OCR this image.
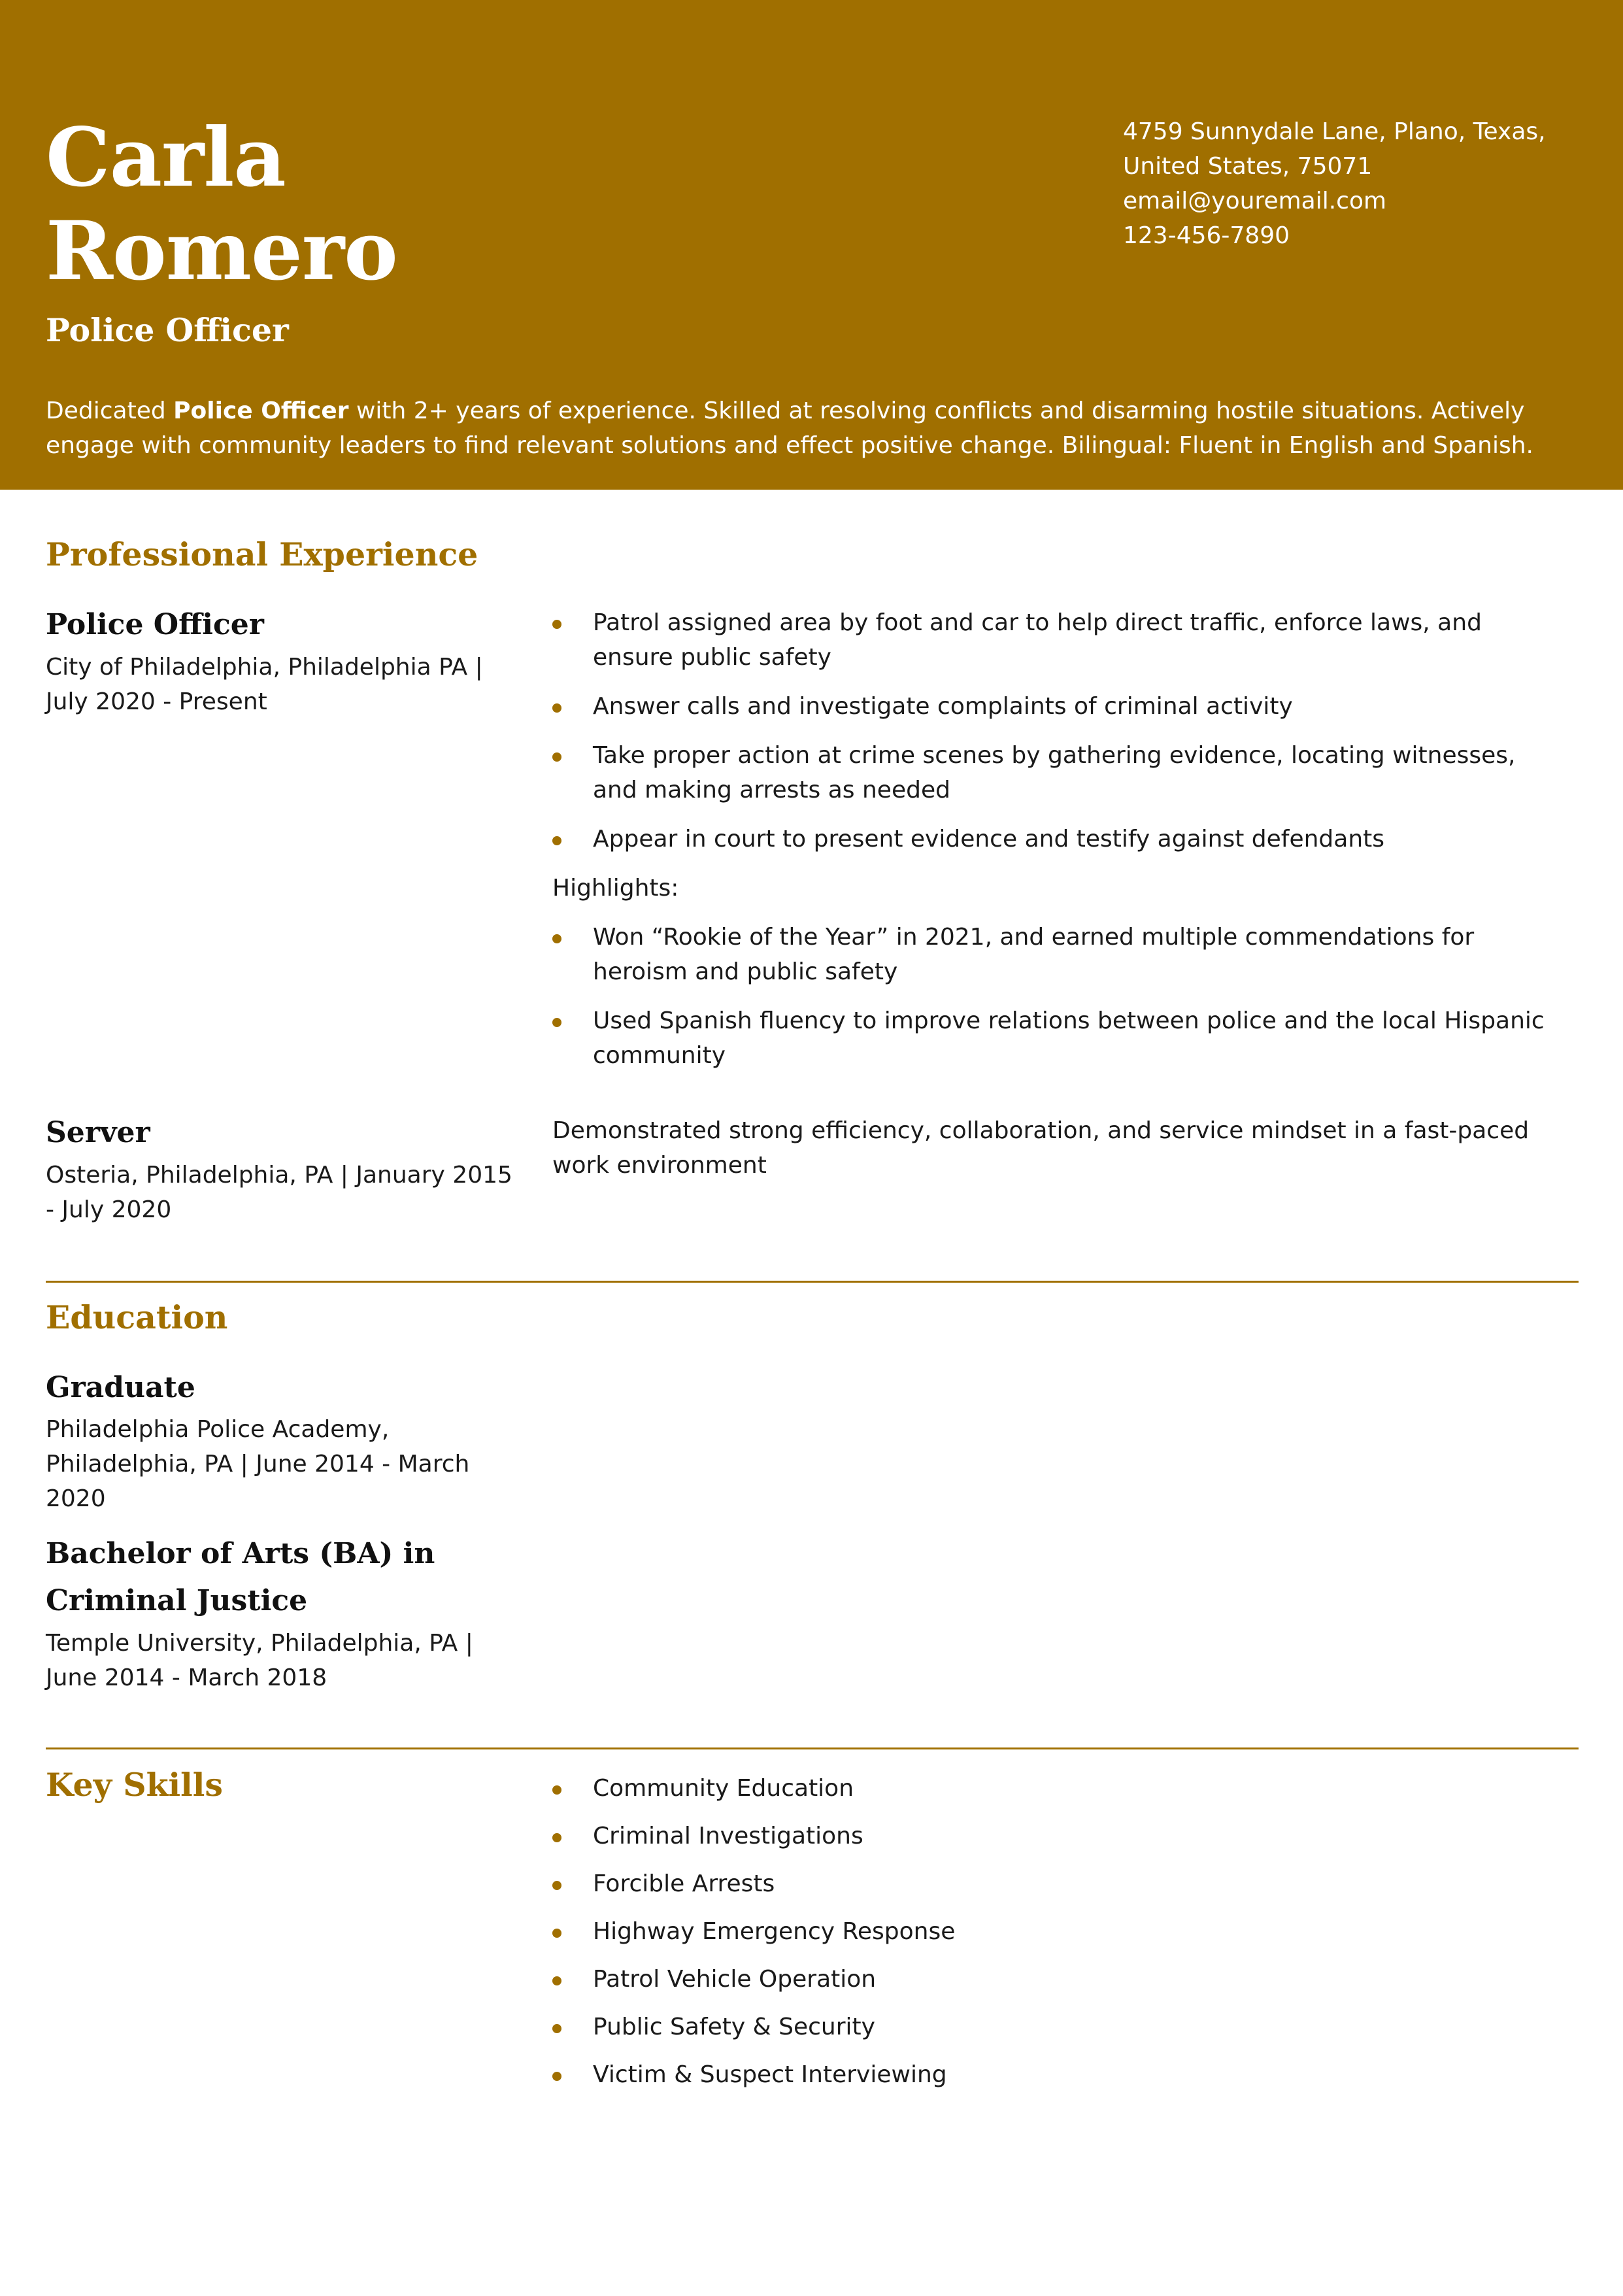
Carla
Romero
Police Officer
4759 Sunnydale Lane, Plano, Texas,
United States, 75071
email@youremail.com
123-456-7890
Dedicated Police Officer with 2+ years of experience. Skilled at resolving conflicts and disarming hostile situations. Actively engage with community leaders to find relevant solutions and effect positive change. Bilingual: Fluent in English and Spanish.
Professional Experience
Police Officer
City of Philadelphia, Philadelphia PA | July 2020 - Present
Patrol assigned area by foot and car to help direct traffic, enforce laws, and ensure public safety
Answer calls and investigate complaints of criminal activity
Take proper action at crime scenes by gathering evidence, locating witnesses, and making arrests as needed
Appear in court to present evidence and testify against defendants
Highlights:
Won “Rookie of the Year” in 2021, and earned multiple commendations for heroism and public safety
Used Spanish fluency to improve relations between police and the local Hispanic community
Server
Osteria, Philadelphia, PA | January 2015 - July 2020
Demonstrated strong efficiency, collaboration, and service mindset in a fast-paced work environment
Education
Graduate
Philadelphia Police Academy, Philadelphia, PA | June 2014 - March 2020
Bachelor of Arts (BA) in Criminal Justice
Temple University, Philadelphia, PA | June 2014 - March 2018
Key Skills	Community Education
Criminal Investigations
Forcible Arrests
Highway Emergency Response
Patrol Vehicle Operation
Public Safety & Security
Victim & Suspect Interviewing
